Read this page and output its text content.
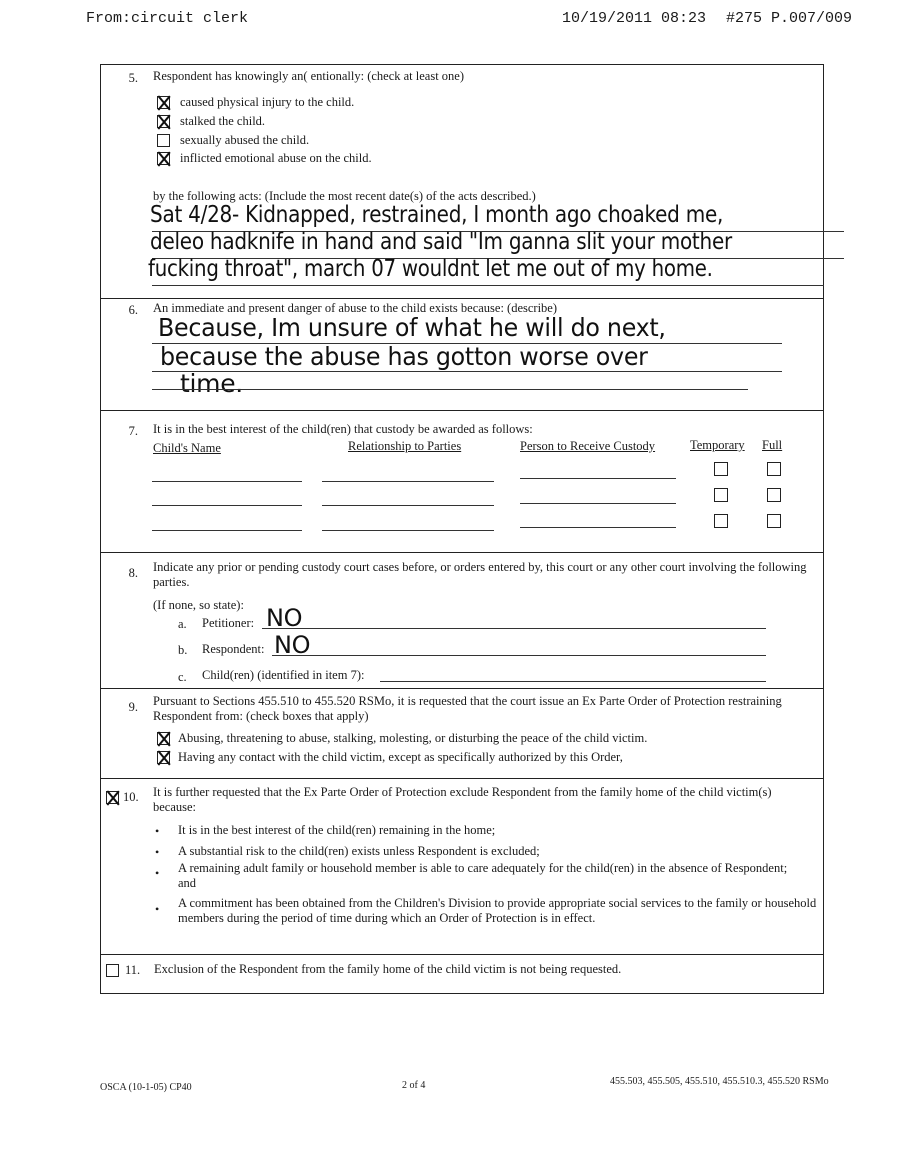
From:circuit clerk	10/19/2011 08:23 #275 P.007/009
5. Respondent has knowingly an( entionally: (check at least one)
caused physical injury to the child.
stalked the child.
sexually abused the child.
inflicted emotional abuse on the child.
by the following acts: (Include the most recent date(s) of the acts described.)
Sat 4/28- Kidnapped, restrained, I month ago choaked me,
deleo hadknife in hand and said "Im ganna slit your mother
fucking throat", march 07 wouldnt let me out of my home.
6. An immediate and present danger of abuse to the child exists because: (describe)
Because, Im unsure of what he will do next,
because the abuse has gotton worse over
time.
7. It is in the best interest of the child(ren) that custody be awarded as follows:
Child's Name	Relationship to Parties	Person to Receive Custody	Temporary Full
8. Indicate any prior or pending custody court cases before, or orders entered by, this court or any other court involving the following parties.
(If none, so state):
a. Petitioner: NO
b. Respondent: NO
c. Child(ren) (identified in item 7):
9. Pursuant to Sections 455.510 to 455.520 RSMo, it is requested that the court issue an Ex Parte Order of Protection restraining Respondent from: (check boxes that apply)
Abusing, threatening to abuse, stalking, molesting, or disturbing the peace of the child victim.
Having any contact with the child victim, except as specifically authorized by this Order,
10. It is further requested that the Ex Parte Order of Protection exclude Respondent from the family home of the child victim(s) because:
• It is in the best interest of the child(ren) remaining in the home;
• A substantial risk to the child(ren) exists unless Respondent is excluded;
• A remaining adult family or household member is able to care adequately for the child(ren) in the absence of Respondent; and
• A commitment has been obtained from the Children's Division to provide appropriate social services to the family or household members during the period of time during which an Order of Protection is in effect.
11. Exclusion of the Respondent from the family home of the child victim is not being requested.
OSCA (10-1-05) CP40	2 of 4	455.503, 455.505, 455.510, 455.510.3, 455.520 RSMo
